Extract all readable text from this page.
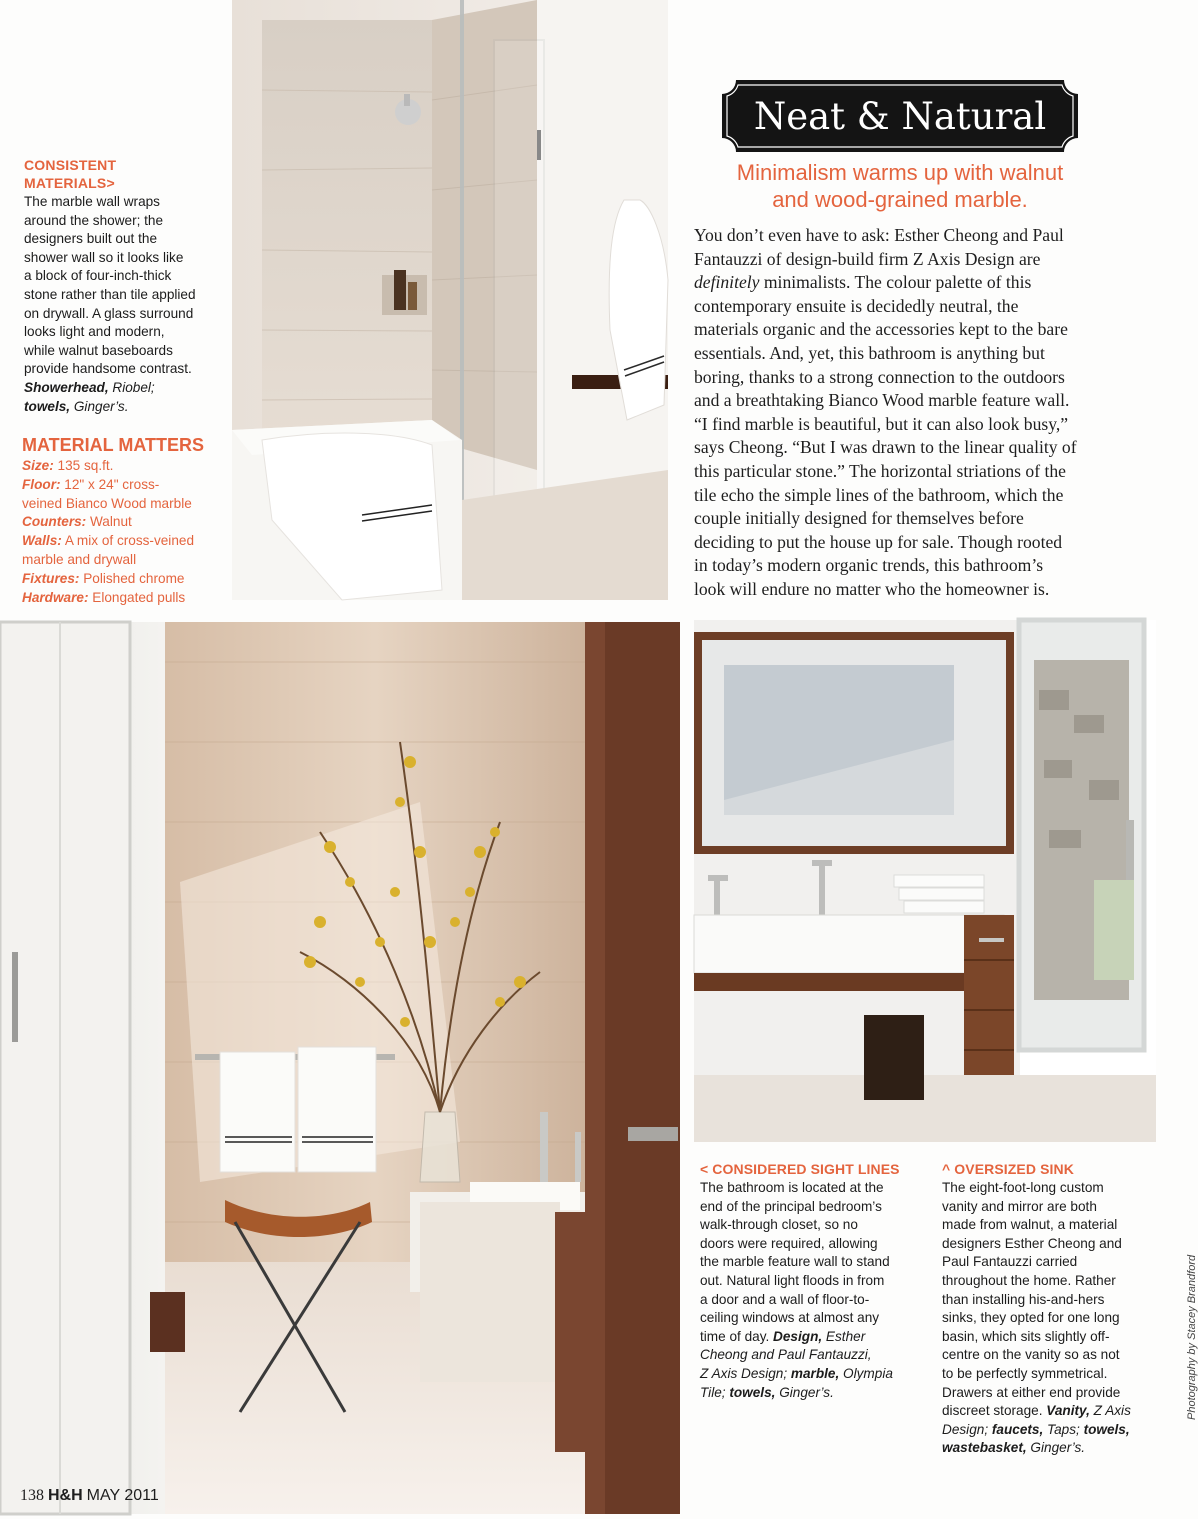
CONSISTENT
MATERIALS>
The marble wall wraps
around the shower; the
designers built out the
shower wall so it looks like
a block of four-inch-thick
stone rather than tile applied
on drywall. A glass surround
looks light and modern,
while walnut baseboards
provide handsome contrast.
Showerhead, Riobel;
towels, Ginger’s.
MATERIAL MATTERS
Size: 135 sq.ft.
Floor: 12" x 24" cross-
veined Bianco Wood marble
Counters: Walnut
Walls: A mix of cross-veined
marble and drywall
Fixtures: Polished chrome
Hardware: Elongated pulls
Neat & Natural
Minimalism warms up with walnut
and wood-grained marble.

You don’t even have to ask: Esther Cheong and Paul

Fantauzzi of design-build firm Z Axis Design are

definitely minimalists. The colour palette of this

contemporary ensuite is decidedly neutral, the

materials organic and the accessories kept to the bare

essentials. And, yet, this bathroom is anything but

boring, thanks to a strong connection to the outdoors

and a breathtaking Bianco Wood marble feature wall.

“I find marble is beautiful, but it can also look busy,”

says Cheong. “But I was drawn to the linear quality of

this particular stone.” The horizontal striations of the

tile echo the simple lines of the bathroom, which the

couple initially designed for themselves before

deciding to put the house up for sale. Though rooted

in today’s modern organic trends, this bathroom’s

look will endure no matter who the homeowner is.

< CONSIDERED SIGHT LINES
The bathroom is located at the
end of the principal bedroom’s
walk-through closet, so no
doors were required, allowing
the marble feature wall to stand
out. Natural light floods in from
a door and a wall of floor-to-
ceiling windows at almost any
time of day. Design, Esther
Cheong and Paul Fantauzzi,
Z Axis Design; marble, Olympia
Tile; towels, Ginger’s.
^ OVERSIZED SINK
The eight-foot-long custom
vanity and mirror are both
made from walnut, a material
designers Esther Cheong and
Paul Fantauzzi carried
throughout the home. Rather
than installing his-and-hers
sinks, they opted for one long
basin, which sits slightly off-
centre on the vanity so as not
to be perfectly symmetrical.
Drawers at either end provide
discreet storage. Vanity, Z Axis
Design; faucets, Taps; towels,
wastebasket, Ginger’s.
138 H&H MAY 2011
Photography by Stacey Brandford
